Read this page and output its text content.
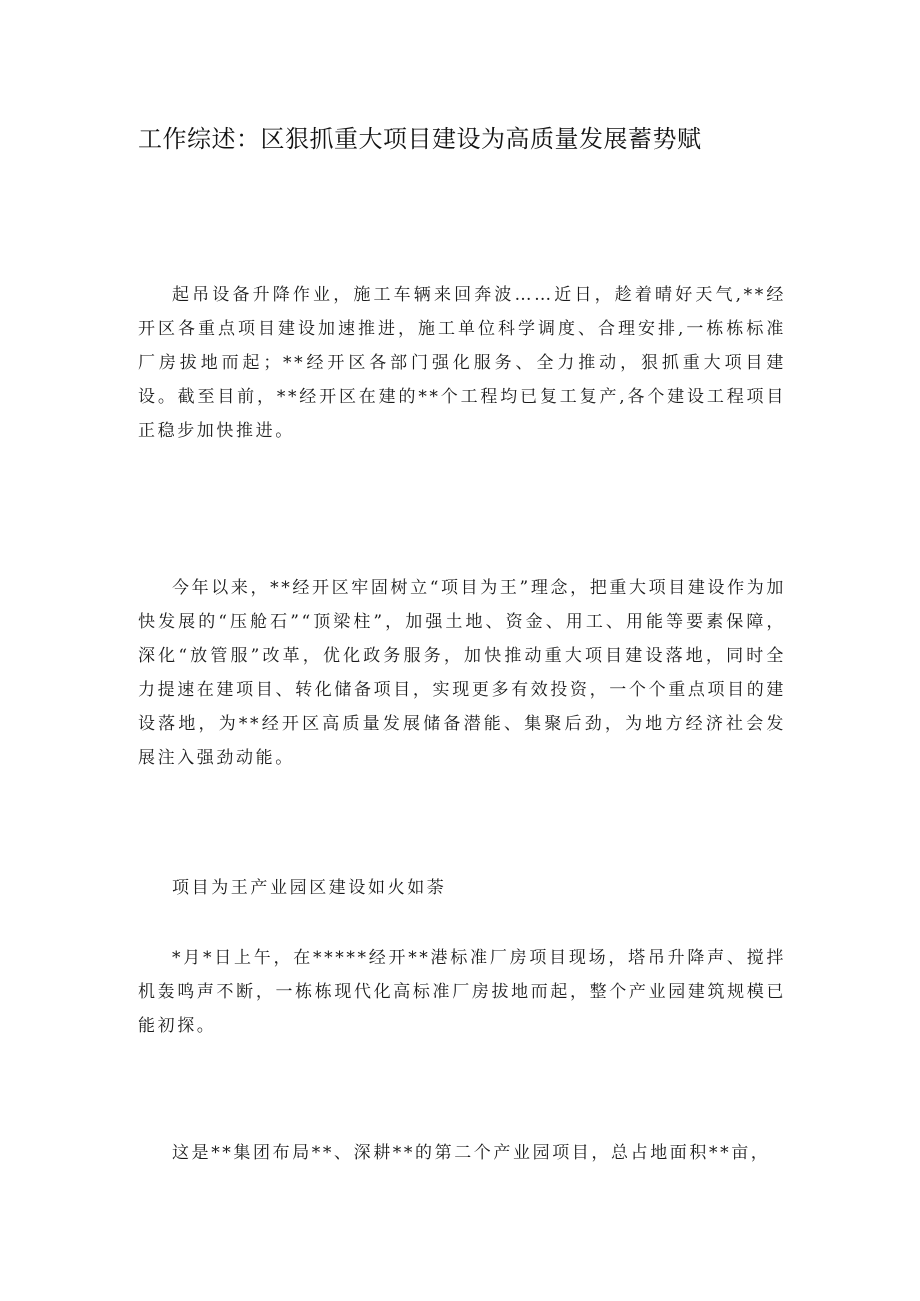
工作综述：区狠抓重大项目建设为高质量发展蓄势赋

起吊设备升降作业，施工车辆来回奔波……近日，趁着晴好天气,**经开区各重点项目建设加速推进，施工单位科学调度、合理安排,一栋栋标准厂房拔地而起；**经开区各部门强化服务、全力推动，狠抓重大项目建设。截至目前，**经开区在建的**个工程均已复工复产,各个建设工程项目正稳步加快推进。

今年以来，**经开区牢固树立“项目为王”理念，把重大项目建设作为加快发展的“压舱石”“顶梁柱”，加强土地、资金、用工、用能等要素保障，深化“放管服”改革，优化政务服务，加快推动重大项目建设落地，同时全力提速在建项目、转化储备项目，实现更多有效投资，一个个重点项目的建设落地，为**经开区高质量发展储备潜能、集聚后劲，为地方经济社会发展注入强劲动能。

项目为王产业园区建设如火如荼

*月*日上午，在*****经开**港标准厂房项目现场，塔吊升降声、搅拌机轰鸣声不断，一栋栋现代化高标准厂房拔地而起，整个产业园建筑规模已能初探。

这是**集团布局**、深耕**的第二个产业园项目，总占地面积**亩，
